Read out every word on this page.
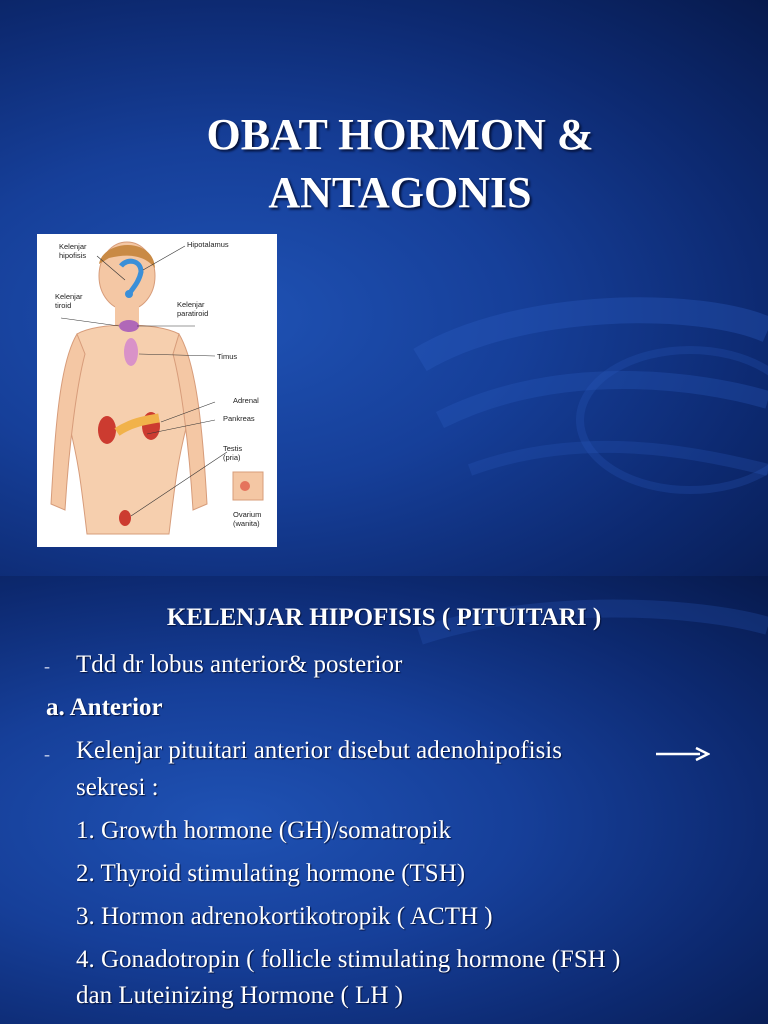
OBAT HORMON &
ANTAGONIS
Kelenjar
hipofisis
Hipotalamus
Kelenjar
tiroid	Kelenjar
paratiroid
Timus
Adrenal
Pankreas
Testis
(pria)
Ovarium
(wanita)
KELENJAR HIPOFISIS ( PITUITARI )
- Tdd dr lobus anterior& posterior
a. Anterior
- Kelenjar pituitari anterior disebut adenohipofisis
sekresi :
1. Growth hormone (GH)/somatropik
2. Thyroid stimulating hormone (TSH)
3. Hormon adrenokortikotropik ( ACTH )
4. Gonadotropin ( follicle stimulating hormone (FSH )
dan Luteinizing Hormone ( LH )
